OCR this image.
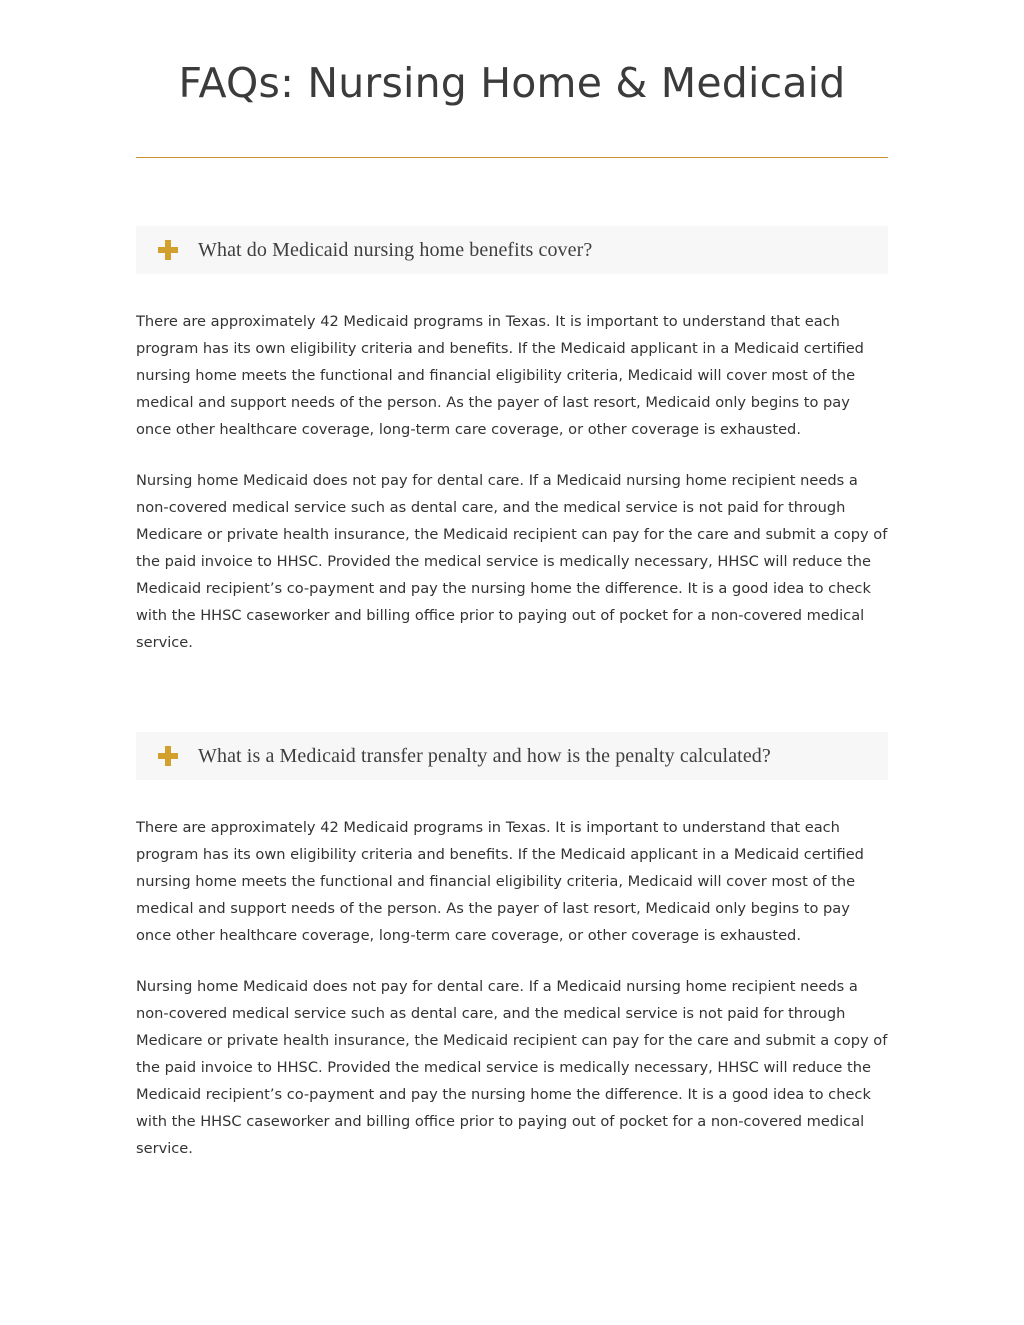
FAQs: Nursing Home & Medicaid
What do Medicaid nursing home benefits cover?

There are approximately 42 Medicaid programs in Texas. It is important to understand that each program has its own eligibility criteria and benefits. If the Medicaid applicant in a Medicaid certified nursing home meets the functional and financial eligibility criteria, Medicaid will cover most of the medical and support needs of the person. As the payer of last resort, Medicaid only begins to pay once other healthcare coverage, long-term care coverage, or other coverage is exhausted.

Nursing home Medicaid does not pay for dental care. If a Medicaid nursing home recipient needs a non-covered medical service such as dental care, and the medical service is not paid for through Medicare or private health insurance, the Medicaid recipient can pay for the care and submit a copy of the paid invoice to HHSC. Provided the medical service is medically necessary, HHSC will reduce the Medicaid recipient’s co-payment and pay the nursing home the difference. It is a good idea to check with the HHSC caseworker and billing office prior to paying out of pocket for a non-covered medical service.

What is a Medicaid transfer penalty and how is the penalty calculated?

There are approximately 42 Medicaid programs in Texas. It is important to understand that each program has its own eligibility criteria and benefits. If the Medicaid applicant in a Medicaid certified nursing home meets the functional and financial eligibility criteria, Medicaid will cover most of the medical and support needs of the person. As the payer of last resort, Medicaid only begins to pay once other healthcare coverage, long-term care coverage, or other coverage is exhausted.

Nursing home Medicaid does not pay for dental care. If a Medicaid nursing home recipient needs a non-covered medical service such as dental care, and the medical service is not paid for through Medicare or private health insurance, the Medicaid recipient can pay for the care and submit a copy of the paid invoice to HHSC. Provided the medical service is medically necessary, HHSC will reduce the Medicaid recipient’s co-payment and pay the nursing home the difference. It is a good idea to check with the HHSC caseworker and billing office prior to paying out of pocket for a non-covered medical service.
